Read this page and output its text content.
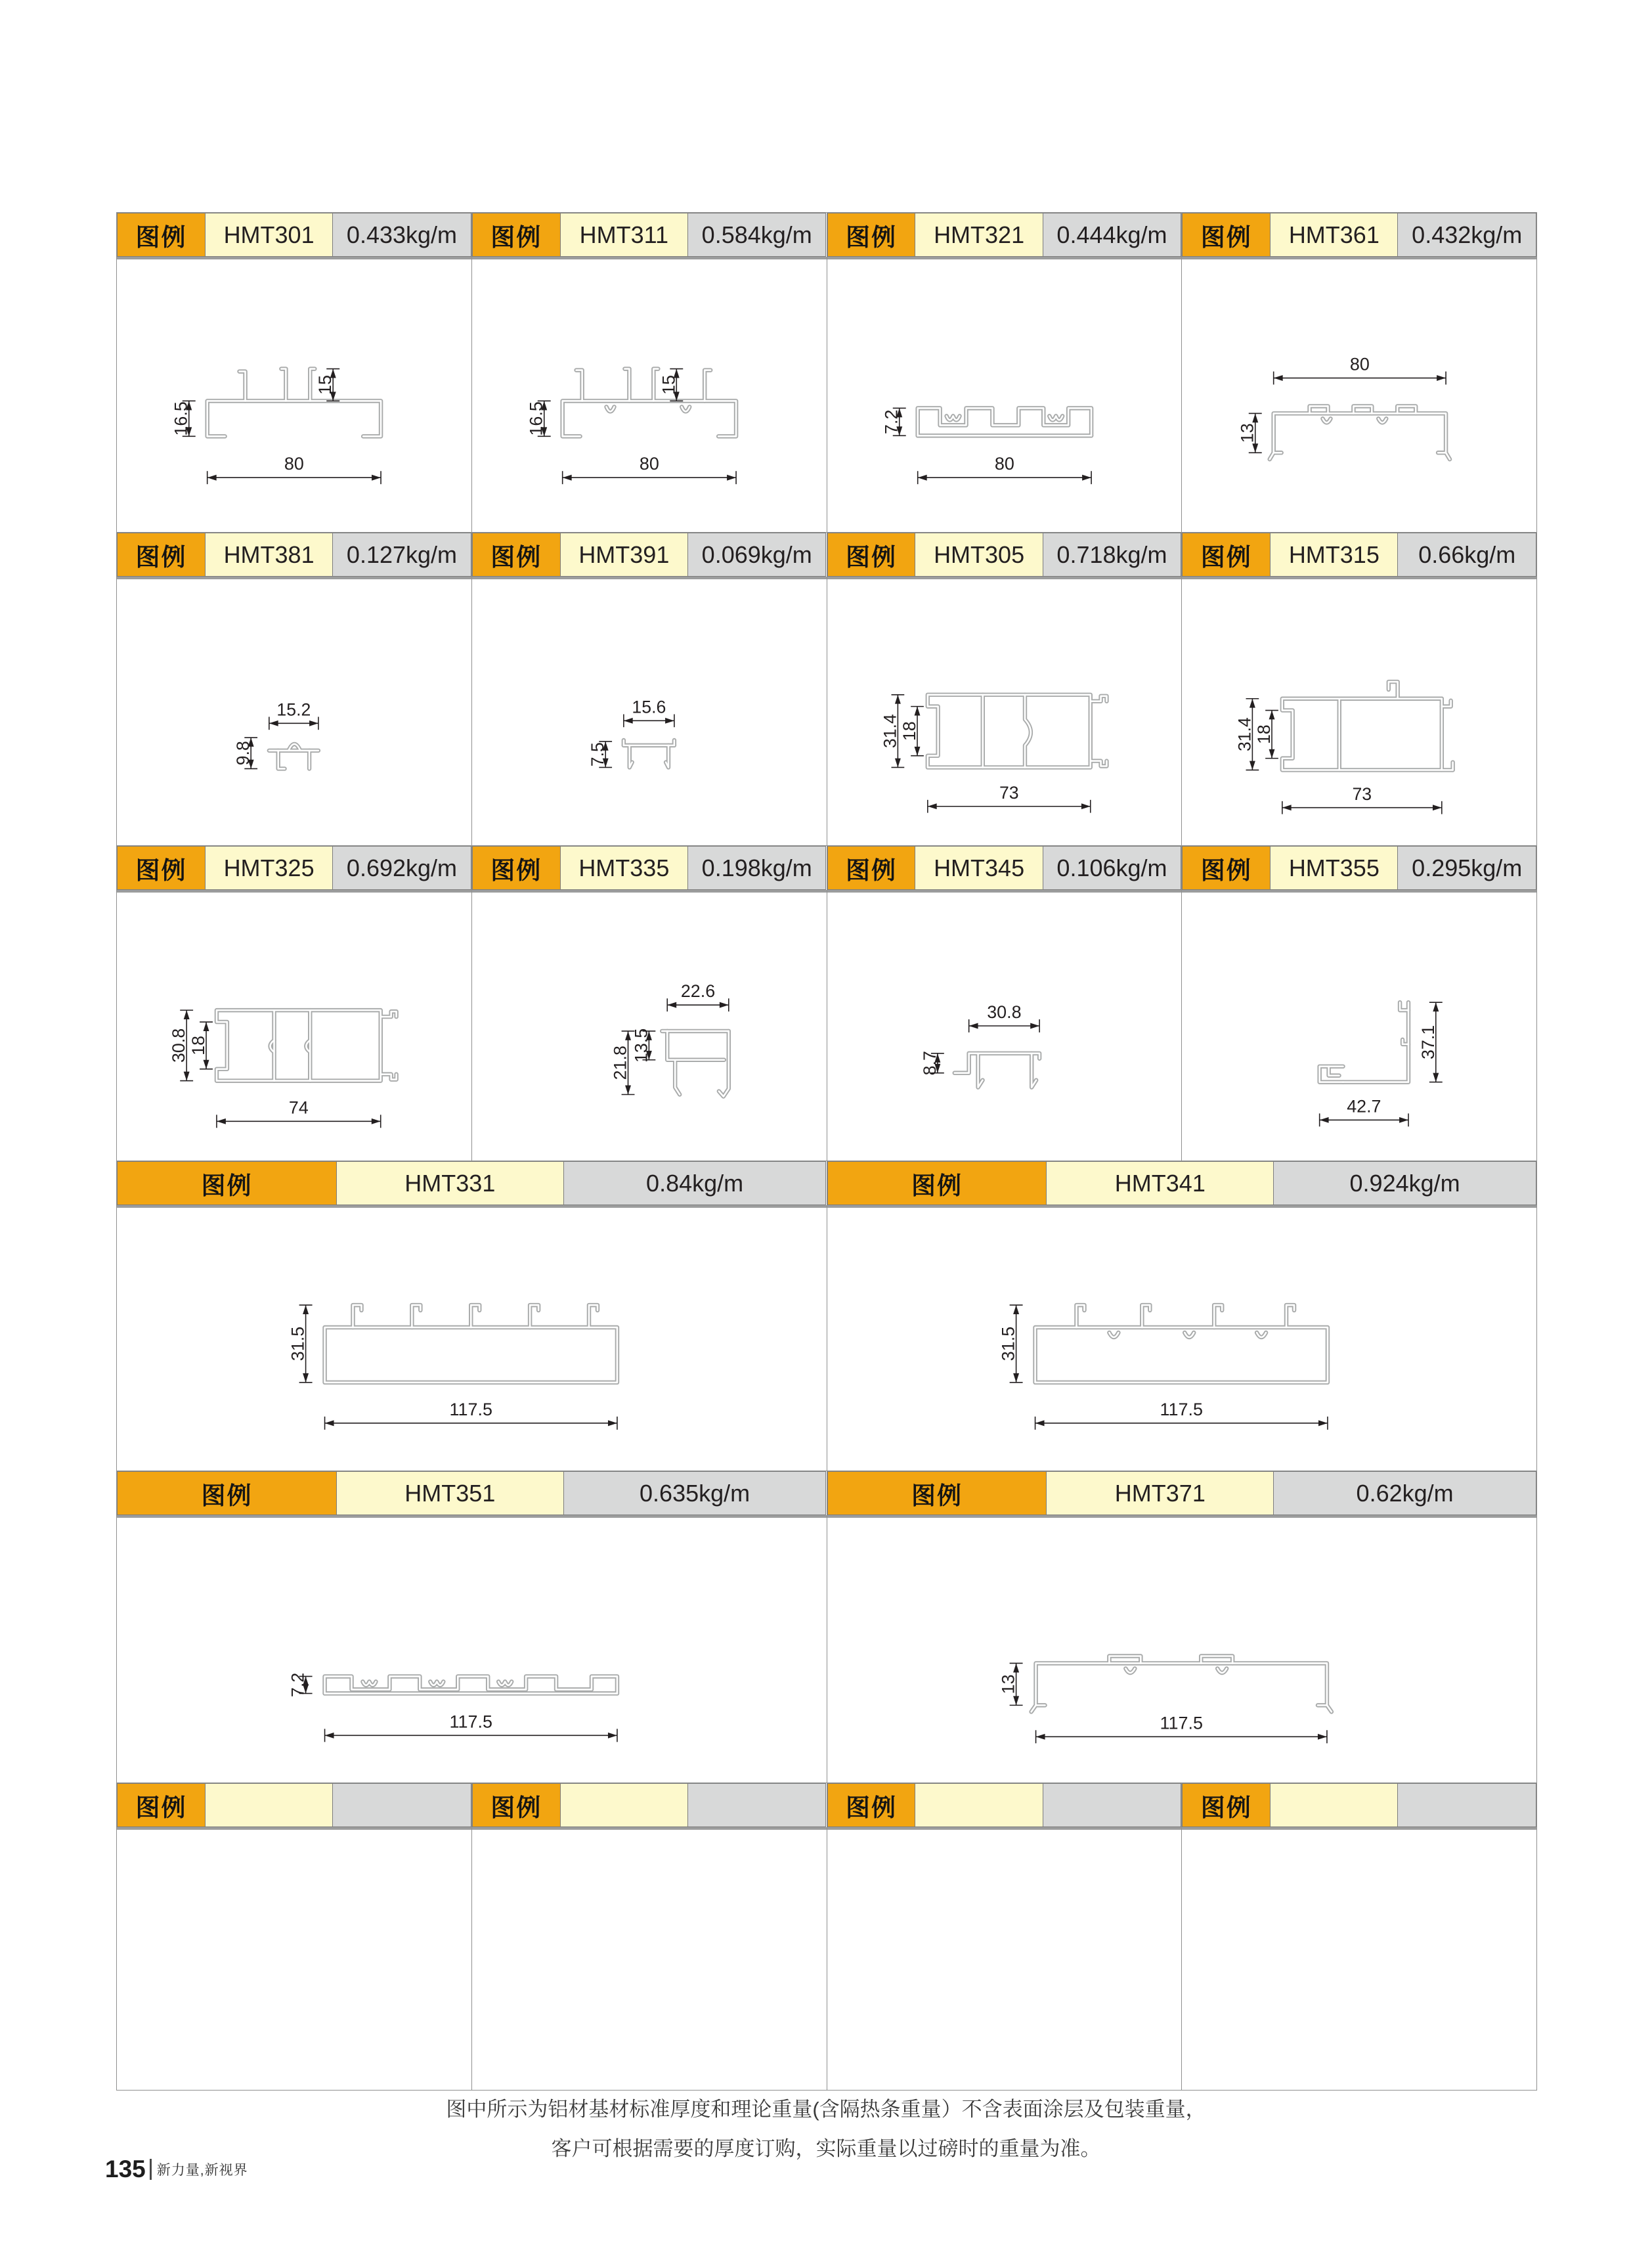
图例	HMT301	0.433kg/m
16.5
15
80
图例	HMT311	0.584kg/m
16.5
15
80
图例	HMT321	0.444kg/m
7.2
80
图例	HMT361	0.432kg/m
80
13
图例	HMT381	0.127kg/m
15.2
9.8
图例	HMT391	0.069kg/m
15.6
7.5
图例	HMT305	0.718kg/m
31.4 18
73
图例	HMT315	0.66kg/m
31.4 18
73
图例	HMT325	0.692kg/m
30.8 18
74
图例	HMT335	0.198kg/m
22.6
13.5
21.8
图例	HMT345	0.106kg/m
30.8
8.7
图例	HMT355	0.295kg/m
37.1
42.7
图例	HMT331	0.84kg/m
31.5
117.5
图例	HMT341	0.924kg/m
31.5
117.5
图例	HMT351	0.635kg/m
7.2
117.5
图例	HMT371	0.62kg/m
13
117.5
图例	图例	图例	图例
图中所示为铝材基材标准厚度和理论重量(含隔热条重量）不含表面涂层及包装重量，
客户可根据需要的厚度订购，实际重量以过磅时的重量为准。
135 新力量,新视界
